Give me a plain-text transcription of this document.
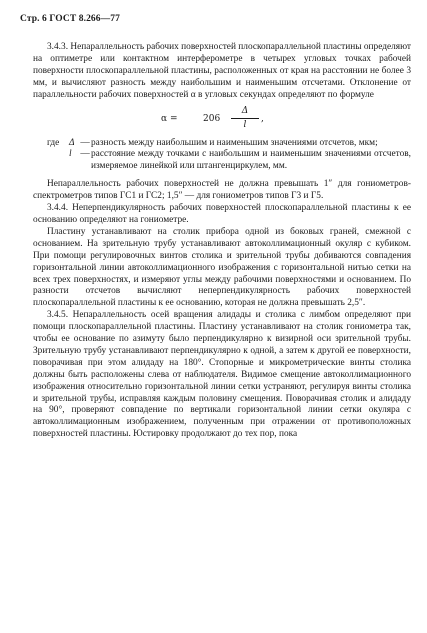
Стр. 6 ГОСТ 8.266—77

3.4.3. Непараллельность рабочих поверхностей плоскопараллельной пластины определяют на оптиметре или контактном интерферометре в четырех угловых точках рабочей поверхности плоскопараллельной пластины, расположенных от края на расстоянии не более 3 мм, и вычисляют разность между наибольшим и наименьшим отсчетами. Отклонение от параллельности рабочих поверхностей α в угловых секундах определяют по формуле

α =	$206 \frac{\Delta}{l}$ ,
где	Δ — разность между наибольшим и наименьшим значениями отсчетов, мкм;
l — расстояние между точками с наибольшим и наименьшим значениями отсчетов, измеряемое линейкой или штангенциркулем, мм.

Непараллельность рабочих поверхностей не должна превышать 1″ для гониометров-спектрометров типов ГС1 и ГС2; 1,5″ — для гониометров типов Г3 и Г5.

3.4.4. Неперпендикулярность рабочих поверхностей плоскопараллельной пластины к ее основанию определяют на гониометре.

Пластину устанавливают на столик прибора одной из боковых граней, смежной с основанием. На зрительную трубу устанавливают автоколлимационный окуляр с кубиком. При помощи регулировочных винтов столика и зрительной трубы добиваются совпадения горизонтальной линии автоколлимационного изображения с горизонтальной нитью сетки на всех трех поверхностях, и измеряют углы между рабочими поверхностями и основанием. По разности отсчетов вычисляют неперпендикулярность рабочих поверхностей плоскопараллельной пластины к ее основанию, которая не должна превышать 2,5″.

3.4.5. Непараллельность осей вращения алидады и столика с лимбом определяют при помощи плоскопараллельной пластины. Пластину устанавливают на столик гониометра так, чтобы ее основание по азимуту было перпендикулярно к визирной оси зрительной трубы. Зрительную трубу устанавливают перпендикулярно к одной, а затем к другой ее поверхности, поворачивая при этом алидаду на 180°. Стопорные и микрометрические винты столика должны быть расположены слева от наблюдателя. Видимое смещение автоколлимационного изображения относительно горизонтальной линии сетки устраняют, регулируя винты столика и зрительной трубы, исправляя каждым половину смещения. Поворачивая столик и алидаду на 90°, проверяют совпадение по вертикали горизонтальной линии сетки окуляра с автоколлимационным изображением, полученным при отражении от противоположных поверхностей пластины. Юстировку продолжают до тех пор, пока
